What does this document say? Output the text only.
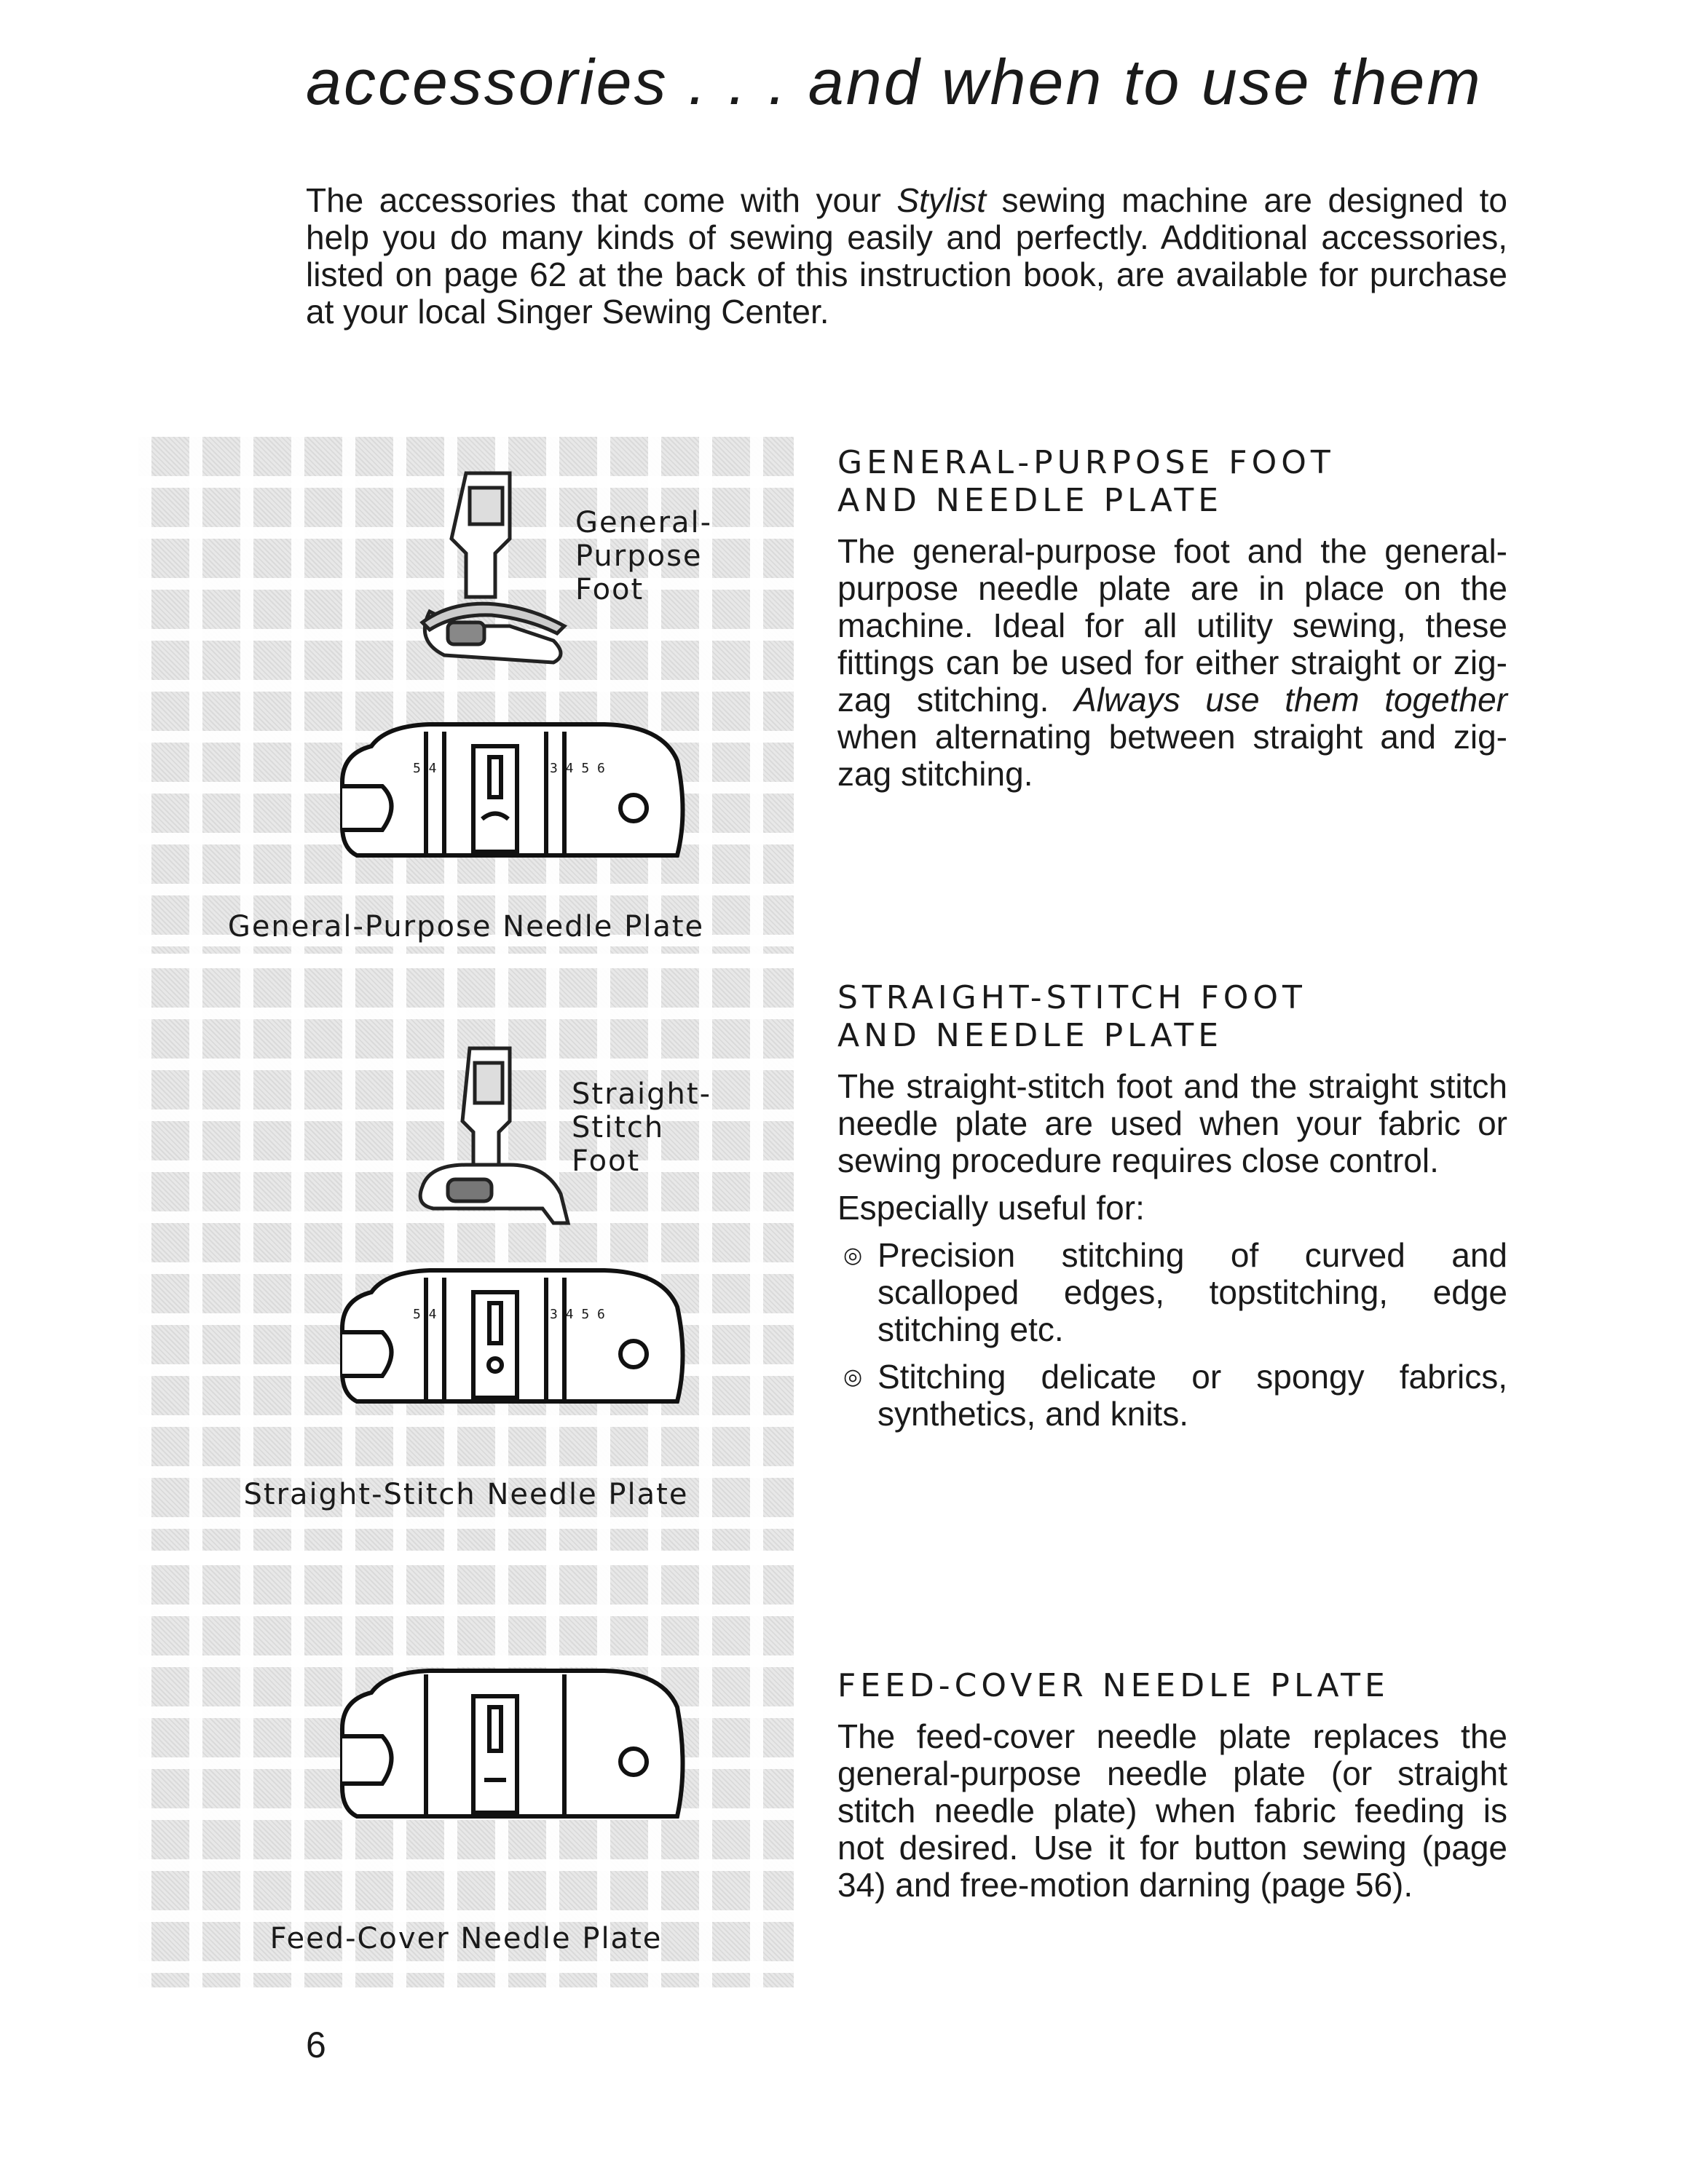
accessories . . . and when to use them
The accessories that come with your Stylist sewing machine are designed to help you do many kinds of sewing easily and perfectly. Additional accessories, listed on page 62 at the back of this instruction book, are available for purchase at your local Singer Sewing Center.
General-
Purpose
Foot
5 4	3 4 5 6
General-Purpose Needle Plate
Straight-
Stitch
Foot
5 4	3 4 5 6
Straight-Stitch Needle Plate
Feed-Cover Needle Plate
GENERAL-PURPOSE FOOT
AND NEEDLE PLATE
The general-purpose foot and the general-purpose needle plate are in place on the machine. Ideal for all utility sewing, these fittings can be used for either straight or zig-zag stitching. Always use them together when alternating between straight and zig-zag stitching.
STRAIGHT-STITCH FOOT
AND NEEDLE PLATE
The straight-stitch foot and the straight stitch needle plate are used when your fabric or sewing procedure requires close control.
Especially useful for:
◎ Precision stitching of curved and scalloped edges, topstitching, edge stitching etc.
◎ Stitching delicate or spongy fabrics, synthetics, and knits.
FEED-COVER NEEDLE PLATE
The feed-cover needle plate replaces the general-purpose needle plate (or straight stitch needle plate) when fabric feeding is not desired. Use it for button sewing (page 34) and free-motion darning (page 56).
6
